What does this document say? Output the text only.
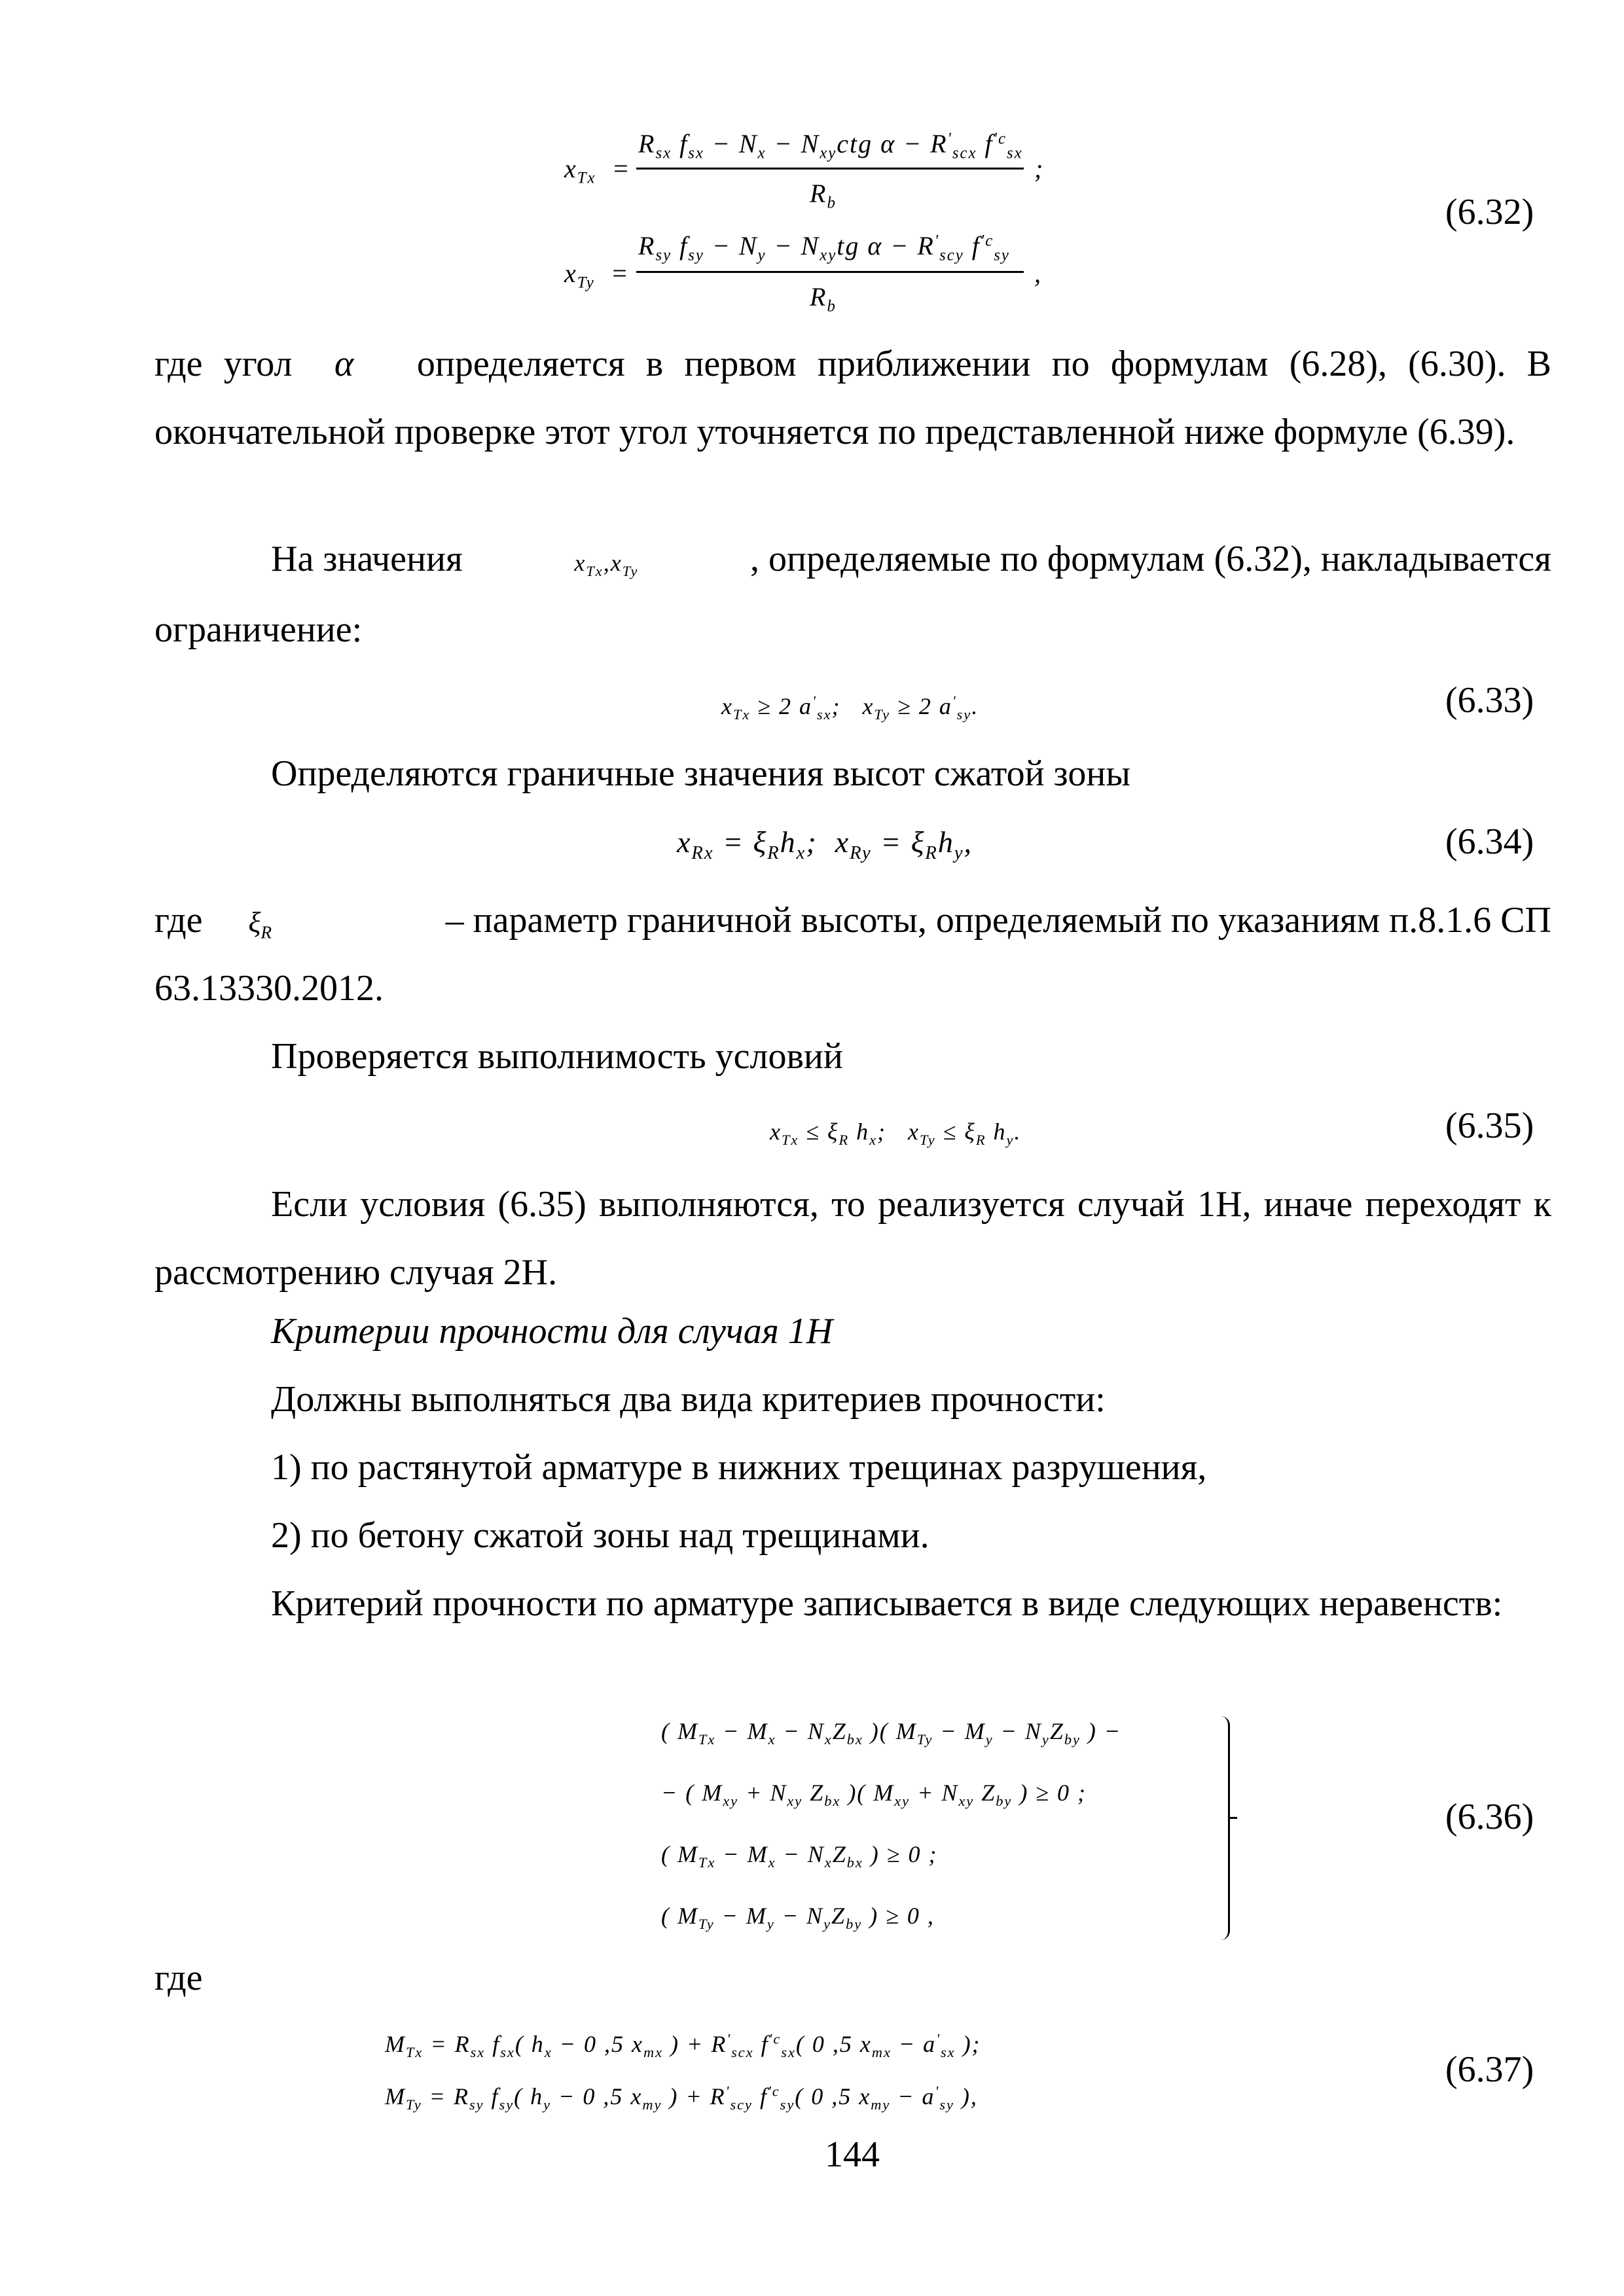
$x_{Tx}$ =
$R_{sx}$ $f_{sx} - N_x - N_{xy}ctg$ $\alpha - R'_{scx}$ $f^{'c}_{sx}$
;
$R_b$
$x_{Ty}$ =
$R_{sy}$ $f_{sy} - N_y - N_{xy}tg$ $\alpha - R'_{scy}$ $f^{'c}_{sy}$
,
$R_b$
(6.32)
где угол α определяется в первом приближении по формулам (6.28), (6.30). В окончательной проверке этот угол уточняется по представленной ниже формуле (6.39).
На значения	$x_{Tx},x_{Ty}$	, определяемые по формулам (6.32), накладывается
ограничение:
$x_{Tx} \ge 2$ $a'_{sx}$; $x_{Ty} \ge 2$ $a'_{sy}$.	(6.33)
Определяются граничные значения высот сжатой зоны
$x_{Rx} = \xi_Rh_x$; $x_{Ry} = \xi_Rh_y$,	(6.34)
где $\xi_R$	– параметр граничной высоты, определяемый по указаниям п.8.1.6 СП
63.13330.2012.
Проверяется выполнимость условий
$x_{Tx} \le \xi_R$ $h_x$; $x_{Ty} \le \xi_R$ $h_y$.	(6.35)
Если условия (6.35) выполняются, то реализуется случай 1Н, иначе переходят к рассмотрению случая 2Н.
Критерии прочности для случая 1Н
Должны выполняться два вида критериев прочности:
1) по растянутой арматуре в нижних трещинах разрушения,
2) по бетону сжатой зоны над трещинами.
Критерий прочности по арматуре записывается в виде следующих неравенств:
( $M_{Tx} - M_x - N_xZ_{bx}$ )( $M_{Ty} - M_y - N_yZ_{by}$ ) −
− ( $M_{xy} + N_{xy}$ $Z_{bx}$ )( $M_{xy} + N_{xy}$ $Z_{by}$ ) ≥ 0 ;
( $M_{Tx} - M_x - N_xZ_{bx}$ ) ≥ 0 ;
( $M_{Ty} - M_y - N_yZ_{by}$ ) ≥ 0 ,
(6.36)
где
$M_{Tx} = R_{sx}$ $f_{sx}$( $h_x - 0$ ,5 $x_{mx}$ ) + $R'_{scx}$ $f^{'c}_{sx}$( 0 ,5 $x_{mx} - a'_{sx}$ );
$M_{Ty} = R_{sy}$ $f_{sy}$( $h_y - 0$ ,5 $x_{my}$ ) + $R'_{scy}$ $f^{'c}_{sy}$( 0 ,5 $x_{my} - a'_{sy}$ ),
(6.37)
144
